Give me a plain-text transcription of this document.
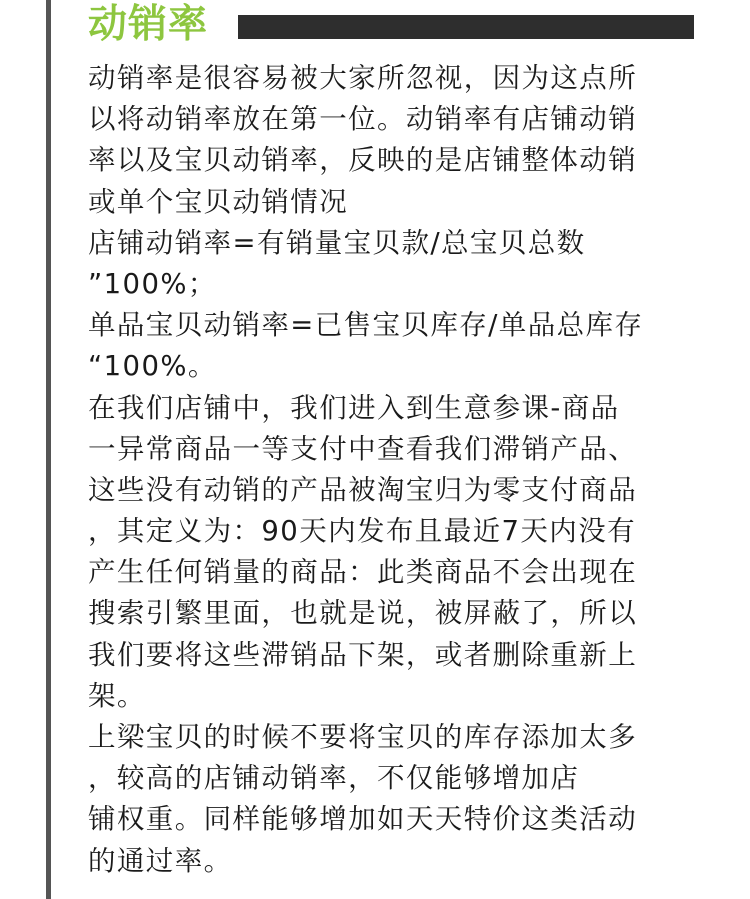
动销率
动销率是很容易被大家所忽视，因为这点所
以将动销率放在第一位。动销率有店铺动销
率以及宝贝动销率，反映的是店铺整体动销
或单个宝贝动销情况
店铺动销率=有销量宝贝款/总宝贝总数
”100%；
单品宝贝动销率=已售宝贝库存/单品总库存
“100%。
在我们店铺中，我们进入到生意参课-商品
一异常商品一等支付中查看我们滞销产品、
这些没有动销的产品被淘宝归为零支付商品
，其定义为：90天内发布且最近7天内没有
产生任何销量的商品：此类商品不会出现在
搜索引繁里面，也就是说，被屏蔽了，所以
我们要将这些滞销品下架，或者删除重新上
架。
上梁宝贝的时候不要将宝贝的库存添加太多
，较高的店铺动销率，不仅能够增加店
铺权重。同样能够增加如天天特价这类活动
的通过率。
